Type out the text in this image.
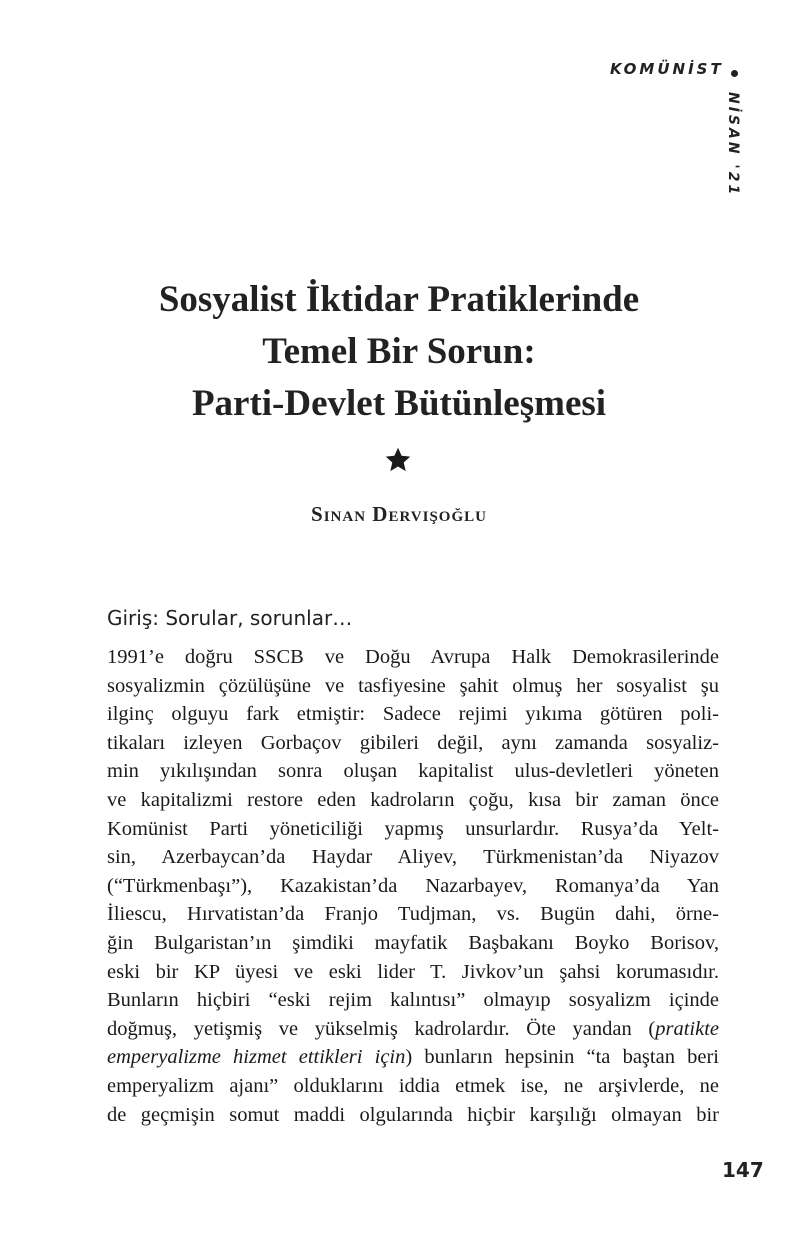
KOMÜNİST
NİSAN '21
Sosyalist İktidar Pratiklerinde
Temel Bir Sorun:
Parti-Devlet Bütünleşmesi
Sinan Dervişoğlu
Giriş: Sorular, sorunlar…
1991’e doğru SSCB ve Doğu Avrupa Halk Demokrasilerinde
sosyalizmin çözülüşüne ve tasfiyesine şahit olmuş her sosyalist şu
ilginç olguyu fark etmiştir: Sadece rejimi yıkıma götüren poli-
tikaları izleyen Gorbaçov gibileri değil, aynı zamanda sosyaliz-
min yıkılışından sonra oluşan kapitalist ulus-devletleri yöneten
ve kapitalizmi restore eden kadroların çoğu, kısa bir zaman önce
Komünist Parti yöneticiliği yapmış unsurlardır. Rusya’da Yelt-
sin, Azerbaycan’da Haydar Aliyev, Türkmenistan’da Niyazov
(“Türkmenbaşı”), Kazakistan’da Nazarbayev, Romanya’da Yan
İliescu, Hırvatistan’da Franjo Tudjman, vs. Bugün dahi, örne-
ğin Bulgaristan’ın şimdiki mayfatik Başbakanı Boyko Borisov,
eski bir KP üyesi ve eski lider T. Jivkov’un şahsi korumasıdır.
Bunların hiçbiri “eski rejim kalıntısı” olmayıp sosyalizm içinde
doğmuş, yetişmiş ve yükselmiş kadrolardır. Öte yandan (pratikte
emperyalizme hizmet ettikleri için) bunların hepsinin “ta baştan beri
emperyalizm ajanı” olduklarını iddia etmek ise, ne arşivlerde, ne
de geçmişin somut maddi olgularında hiçbir karşılığı olmayan bir
147
